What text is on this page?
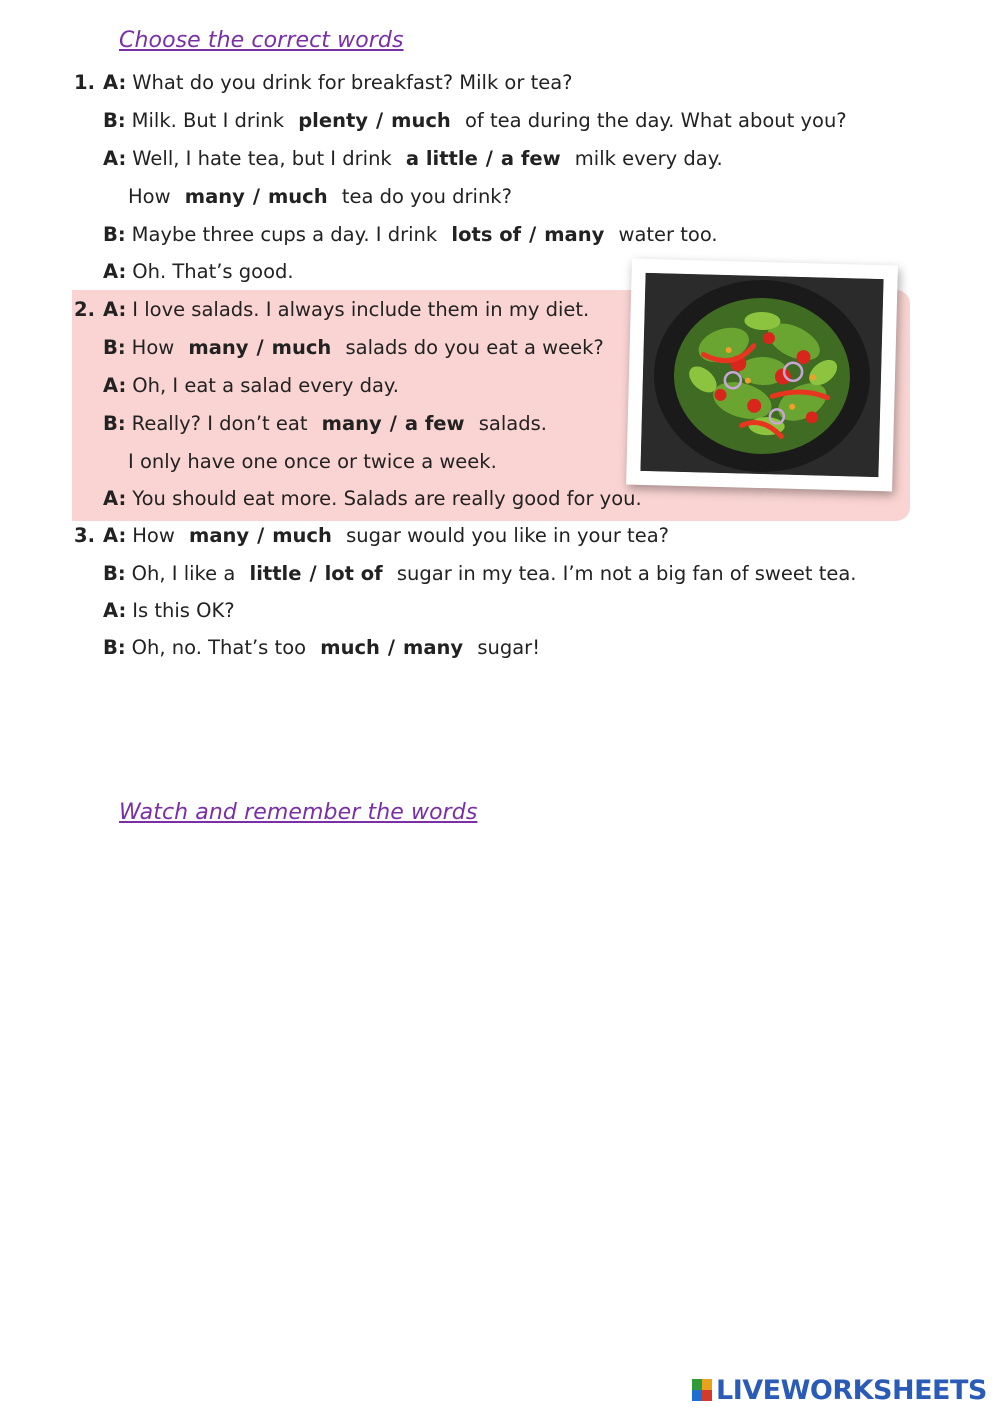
Choose the correct words
1. A: What do you drink for breakfast? Milk or tea?
B: Milk. But I drink plenty / much of tea during the day. What about you?
A: Well, I hate tea, but I drink a little / a few milk every day.
How many / much tea do you drink?
B: Maybe three cups a day. I drink lots of / many water too.
A: Oh. That’s good.
2. A: I love salads. I always include them in my diet.
B: How many / much salads do you eat a week?
A: Oh, I eat a salad every day.
B: Really? I don’t eat many / a few salads.
I only have one once or twice a week.
A: You should eat more. Salads are really good for you.
3. A: How many / much sugar would you like in your tea?
B: Oh, I like a little / lot of sugar in my tea. I’m not a big fan of sweet tea.
A: Is this OK?
B: Oh, no. That’s too much / many sugar!
Watch and remember the words
LIVEWORKSHEETS
